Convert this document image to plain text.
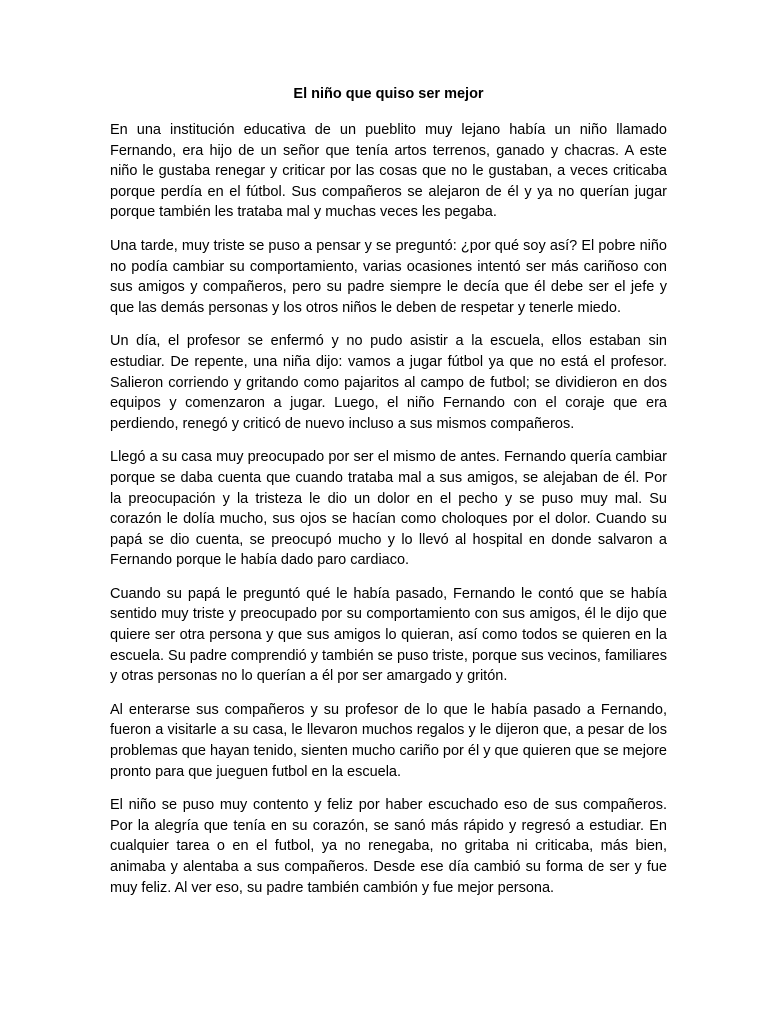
El niño que quiso ser mejor

En una institución educativa de un pueblito muy lejano había un niño llamado Fernando, era hijo de un señor que tenía artos terrenos, ganado y chacras. A este niño le gustaba renegar y criticar por las cosas que no le gustaban, a veces criticaba porque perdía en el fútbol. Sus compañeros se alejaron de él y ya no querían jugar porque también les trataba mal y muchas veces les pegaba.

Una tarde, muy triste se puso a pensar y se preguntó: ¿por qué soy así? El pobre niño no podía cambiar su comportamiento, varias ocasiones intentó ser más cariñoso con sus amigos y compañeros, pero su padre siempre le decía que él debe ser el jefe y que las demás personas y los otros niños le deben de respetar y tenerle miedo.

Un día, el profesor se enfermó y no pudo asistir a la escuela, ellos estaban sin estudiar. De repente, una niña dijo: vamos a jugar fútbol ya que no está el profesor. Salieron corriendo y gritando como pajaritos al campo de futbol; se dividieron en dos equipos y comenzaron a jugar. Luego, el niño Fernando con el coraje que era perdiendo, renegó y criticó de nuevo incluso a sus mismos compañeros.

Llegó a su casa muy preocupado por ser el mismo de antes. Fernando quería cambiar porque se daba cuenta que cuando trataba mal a sus amigos, se alejaban de él. Por la preocupación y la tristeza le dio un dolor en el pecho y se puso muy mal. Su corazón le dolía mucho, sus ojos se hacían como choloques por el dolor. Cuando su papá se dio cuenta, se preocupó mucho y lo llevó al hospital en donde salvaron a Fernando porque le había dado paro cardiaco.

Cuando su papá le preguntó qué le había pasado, Fernando le contó que se había sentido muy triste y preocupado por su comportamiento con sus amigos, él le dijo que quiere ser otra persona y que sus amigos lo quieran, así como todos se quieren en la escuela. Su padre comprendió y también se puso triste, porque sus vecinos, familiares y otras personas no lo querían a él por ser amargado y gritón.

Al enterarse sus compañeros y su profesor de lo que le había pasado a Fernando, fueron a visitarle a su casa, le llevaron muchos regalos y le dijeron que, a pesar de los problemas que hayan tenido, sienten mucho cariño por él y que quieren que se mejore pronto para que jueguen futbol en la escuela.

El niño se puso muy contento y feliz por haber escuchado eso de sus compañeros. Por la alegría que tenía en su corazón, se sanó más rápido y regresó a estudiar. En cualquier tarea o en el futbol, ya no renegaba, no gritaba ni criticaba, más bien, animaba y alentaba a sus compañeros. Desde ese día cambió su forma de ser y fue muy feliz. Al ver eso, su padre también cambión y fue mejor persona.
